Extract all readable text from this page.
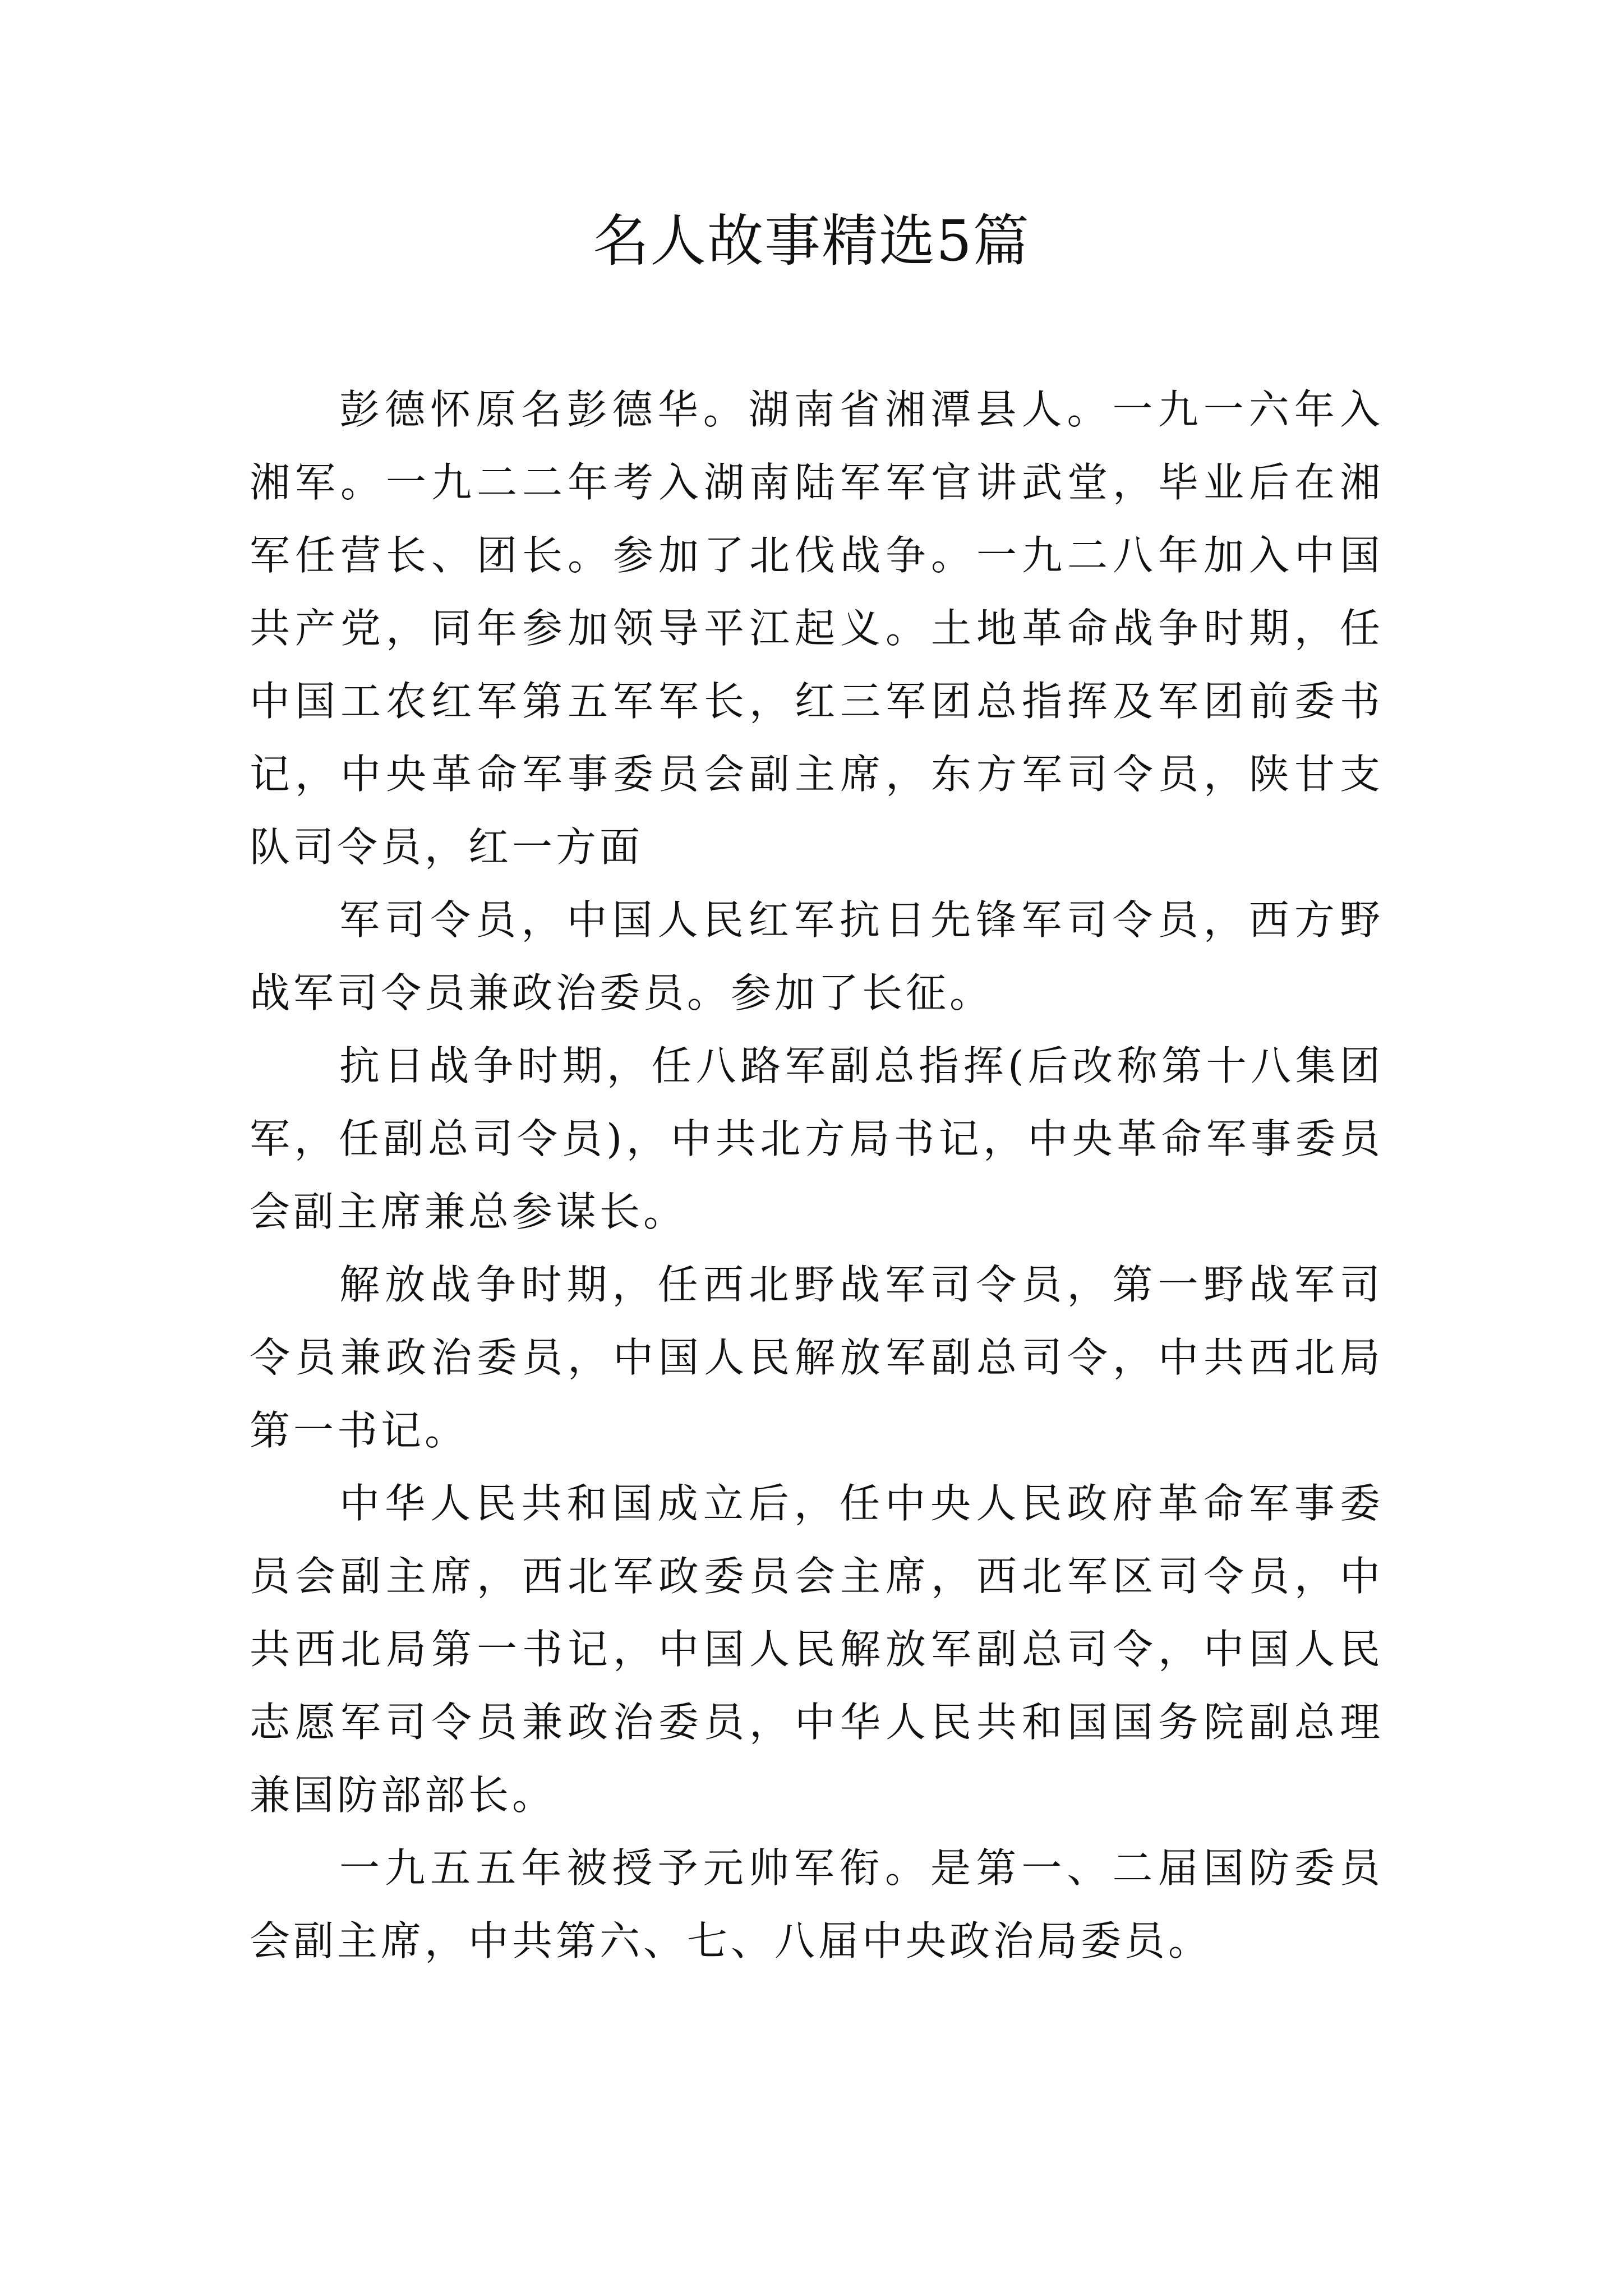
名人故事精选5篇

彭德怀原名彭德华。湖南省湘潭县人。一九一六年入湘军。一九二二年考入湖南陆军军官讲武堂，毕业后在湘军任营长、团长。参加了北伐战争。一九二八年加入中国共产党，同年参加领导平江起义。土地革命战争时期，任中国工农红军第五军军长，红三军团总指挥及军团前委书记，中央革命军事委员会副主席，东方军司令员，陕甘支队司令员，红一方面

军司令员，中国人民红军抗日先锋军司令员，西方野战军司令员兼政治委员。参加了长征。

抗日战争时期，任八路军副总指挥(后改称第十八集团军，任副总司令员)，中共北方局书记，中央革命军事委员会副主席兼总参谋长。

解放战争时期，任西北野战军司令员，第一野战军司令员兼政治委员，中国人民解放军副总司令，中共西北局第一书记。

中华人民共和国成立后，任中央人民政府革命军事委员会副主席，西北军政委员会主席，西北军区司令员，中共西北局第一书记，中国人民解放军副总司令，中国人民志愿军司令员兼政治委员，中华人民共和国国务院副总理兼国防部部长。

一九五五年被授予元帅军衔。是第一、二届国防委员会副主席，中共第六、七、八届中央政治局委员。
